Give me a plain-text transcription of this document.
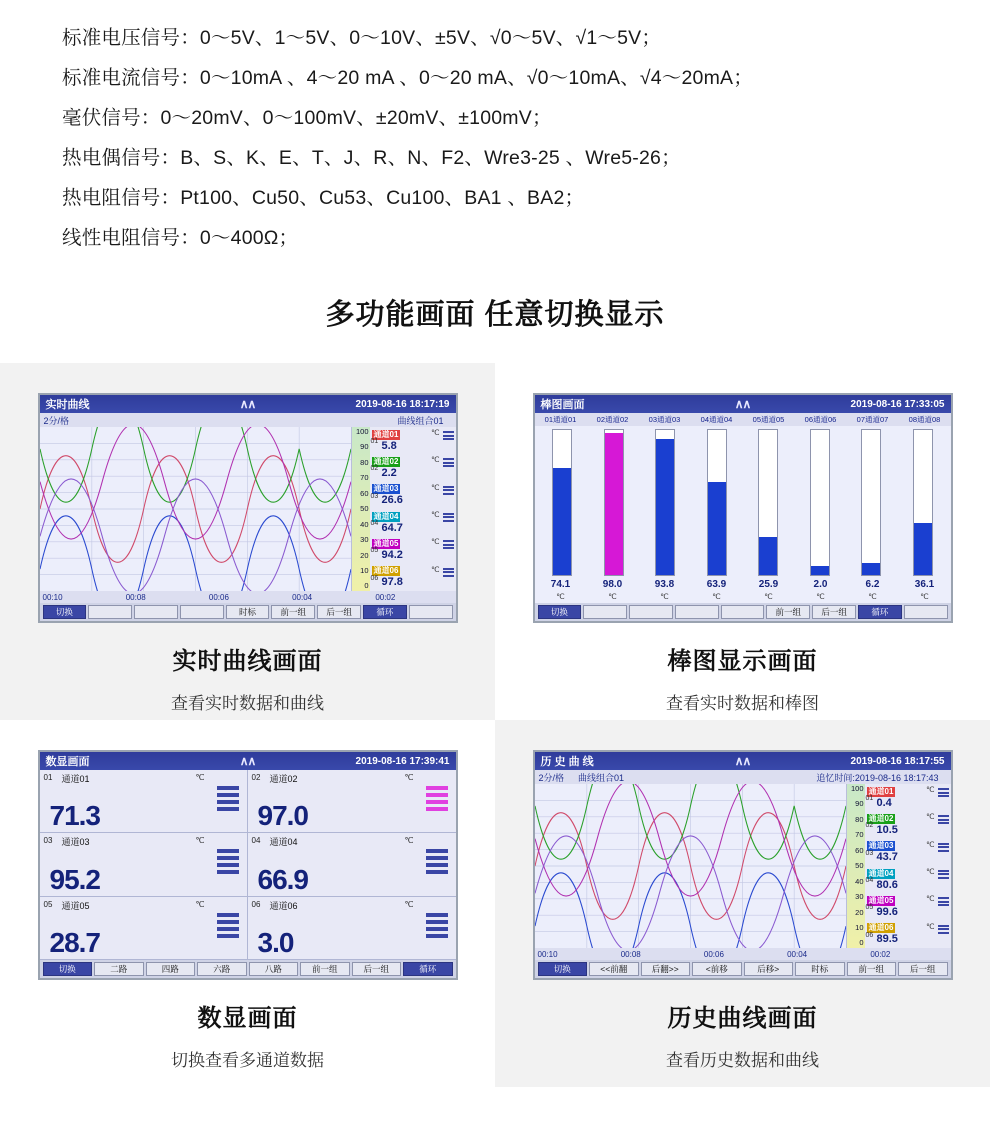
标准电压信号：0～5V、1～5V、0～10V、±5V、√0～5V、√1～5V；
标准电流信号：0～10mA 、4～20 mA 、0～20 mA、√0～10mA、√4～20mA；
毫伏信号：0～20mV、0～100mV、±20mV、±100mV；
热电偶信号：B、S、K、E、T、J、R、N、F2、Wre3-25 、Wre5-26；
热电阻信号：Pt100、Cu50、Cu53、Cu100、BA1 、BA2；
线性电阻信号：0～400Ω；
多功能画面 任意切换显示
实时曲线	∧∧	2019-08-16 18:17:19
2分/格	曲线组合01
100
90
80
70
60
50
40
30
20
10
0
通道01	℃
01 5.8
通道02	℃
02 2.2
通道03	℃
03 26.6
通道04	℃
04 64.7
通道05	℃
05 94.2
通道06	℃
06 97.8
00:10	00:08	00:06	00:04	00:02
切换	时标	前一组	后一组	循环
实时曲线画面
查看实时数据和曲线
棒图画面	∧∧	2019-08-16 17:33:05
01通道01	02通道02	03通道03	04通道04	05通道05	06通道06	07通道07	08通道08
74.1	98.0	93.8	63.9	25.9	2.0	6.2	36.1
℃	℃	℃	℃	℃	℃	℃	℃
切换	前一组	后一组	循环
棒图显示画面
查看实时数据和棒图
数显画面	∧∧	2019-08-16 17:39:41
01 通道01	℃
71.3
02 通道02	℃
97.0
03 通道03	℃
95.2
04 通道04	℃
66.9
05 通道05	℃
28.7
06 通道06	℃
3.0
切换	二路	四路	六路	八路	前一组	后一组	循环
数显画面
切换查看多通道数据
历 史 曲 线	∧∧	2019-08-16 18:17:55
2分/格 曲线组合01	追忆时间:2019-08-16 18:17:43
100
90
80
70
60
50
40
30
20
10
0
通道01	℃
01 0.4
通道02	℃
02 10.5
通道03	℃
03 43.7
通道04	℃
04 80.6
通道05	℃
05 99.6
通道06	℃
06 89.5
00:10	00:08	00:06	00:04	00:02
切换	<<前翻	后翻>>	<前移	后移>	时标	前一组	后一组
历史曲线画面
查看历史数据和曲线
